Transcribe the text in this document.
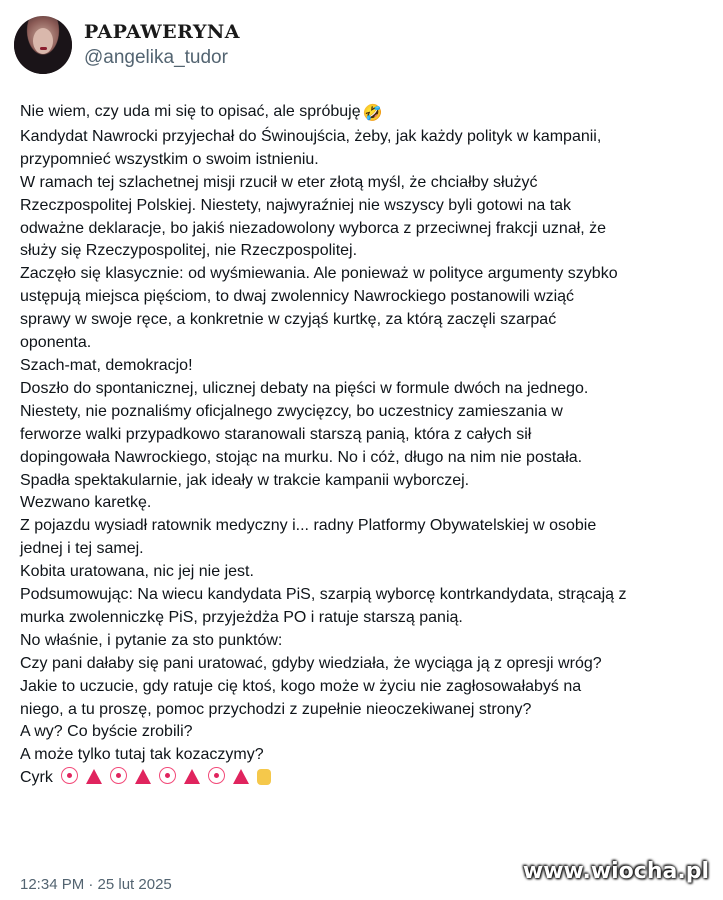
PAPAWERYNA
@angelika_tudor
Nie wiem, czy uda mi się to opisać, ale spróbuję 🤣
Kandydat Nawrocki przyjechał do Świnoujścia, żeby, jak każdy polityk w kampanii,
przypomnieć wszystkim o swoim istnieniu.
W ramach tej szlachetnej misji rzucił w eter złotą myśl, że chciałby służyć
Rzeczpospolitej Polskiej. Niestety, najwyraźniej nie wszyscy byli gotowi na tak
odważne deklaracje, bo jakiś niezadowolony wyborca z przeciwnej frakcji uznał, że
służy się Rzeczypospolitej, nie Rzeczpospolitej.
Zaczęło się klasycznie: od wyśmiewania. Ale ponieważ w polityce argumenty szybko
ustępują miejsca pięściom, to dwaj zwolennicy Nawrockiego postanowili wziąć
sprawy w swoje ręce, a konkretnie w czyjąś kurtkę, za którą zaczęli szarpać
oponenta.
Szach-mat, demokracjo!
Doszło do spontanicznej, ulicznej debaty na pięści w formule dwóch na jednego.
Niestety, nie poznaliśmy oficjalnego zwycięzcy, bo uczestnicy zamieszania w
ferworze walki przypadkowo staranowali starszą panią, która z całych sił
dopingowała Nawrockiego, stojąc na murku. No i cóż, długo na nim nie postała.
Spadła spektakularnie, jak ideały w trakcie kampanii wyborczej.
Wezwano karetkę.
Z pojazdu wysiadł ratownik medyczny i... radny Platformy Obywatelskiej w osobie
jednej i tej samej.
Kobita uratowana, nic jej nie jest.
Podsumowując: Na wiecu kandydata PiS, szarpią wyborcę kontrkandydata, strącają z
murka zwolenniczkę PiS, przyjeżdża PO i ratuje starszą panią.
No właśnie, i pytanie za sto punktów:
Czy pani dałaby się pani uratować, gdyby wiedziała, że wyciąga ją z opresji wróg?
Jakie to uczucie, gdy ratuje cię ktoś, kogo może w życiu nie zagłosowałabyś na
niego, a tu proszę, pomoc przychodzi z zupełnie nieoczekiwanej strony?
A wy? Co byście zrobili?
A może tylko tutaj tak kozaczymy?
Cyrk
12:34 PM · 25 lut 2025
www.wiocha.pl
